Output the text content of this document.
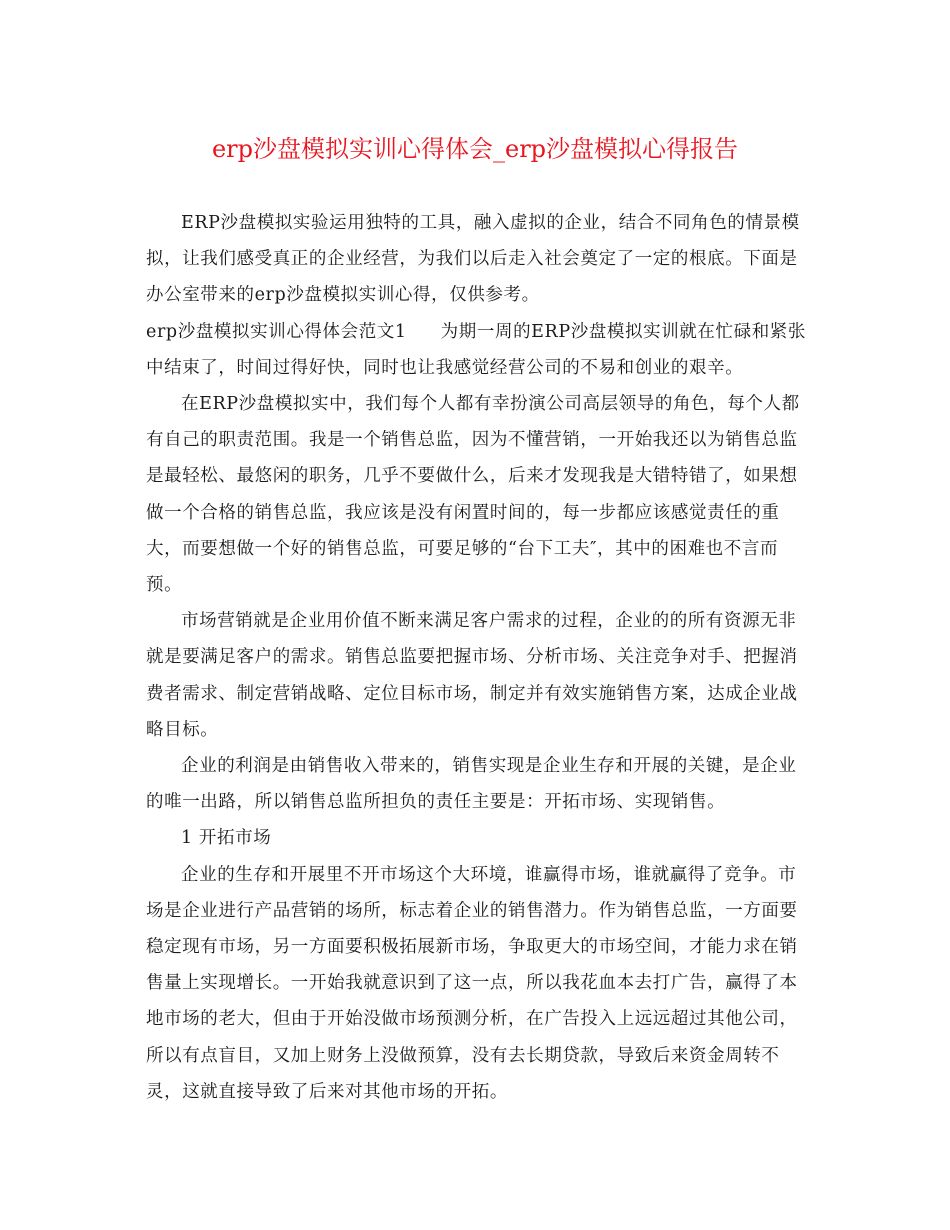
erp沙盘模拟实训心得体会_erp沙盘模拟心得报告

ERP沙盘模拟实验运用独特的工具，融入虚拟的企业，结合不同角色的情景模拟，让我们感受真正的企业经营，为我们以后走入社会奠定了一定的根底。下面是办公室带来的erp沙盘模拟实训心得，仅供参考。

erp沙盘模拟实训心得体会范文1 为期一周的ERP沙盘模拟实训就在忙碌和紧张中结束了，时间过得好快，同时也让我感觉经营公司的不易和创业的艰辛。

在ERP沙盘模拟实中，我们每个人都有幸扮演公司高层领导的角色，每个人都有自己的职责范围。我是一个销售总监，因为不懂营销，一开始我还以为销售总监是最轻松、最悠闲的职务，几乎不要做什么，后来才发现我是大错特错了，如果想做一个合格的销售总监，我应该是没有闲置时间的，每一步都应该感觉责任的重大，而要想做一个好的销售总监，可要足够的“台下工夫″，其中的困难也不言而预。

市场营销就是企业用价值不断来满足客户需求的过程，企业的的所有资源无非就是要满足客户的需求。销售总监要把握市场、分析市场、关注竞争对手、把握消费者需求、制定营销战略、定位目标市场，制定并有效实施销售方案，达成企业战略目标。

企业的利润是由销售收入带来的，销售实现是企业生存和开展的关键，是企业的唯一出路，所以销售总监所担负的责任主要是：开拓市场、实现销售。

1 开拓市场

企业的生存和开展里不开市场这个大环境，谁赢得市场，谁就赢得了竞争。市场是企业进行产品营销的场所，标志着企业的销售潜力。作为销售总监，一方面要稳定现有市场，另一方面要积极拓展新市场，争取更大的市场空间，才能力求在销售量上实现增长。一开始我就意识到了这一点，所以我花血本去打广告，赢得了本地市场的老大，但由于开始没做市场预测分析，在广告投入上远远超过其他公司，所以有点盲目，又加上财务上没做预算，没有去长期贷款，导致后来资金周转不灵，这就直接导致了后来对其他市场的开拓。
